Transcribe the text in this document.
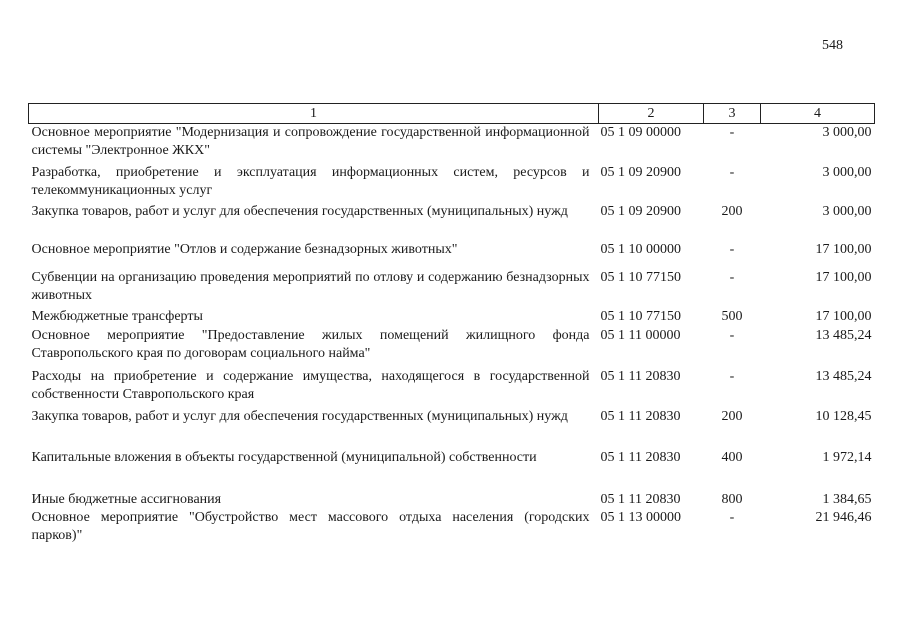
548
1	2	3	4
Основное мероприятие "Модернизация и сопровождение государственной информационной системы "Электронное ЖКХ"	05 1 09 00000	-	3 000,00
Разработка, приобретение и эксплуатация информационных систем, ресурсов и телекоммуникационных услуг	05 1 09 20900	-	3 000,00
Закупка товаров, работ и услуг для обеспечения государственных (муниципальных) нужд	05 1 09 20900	200	3 000,00
Основное мероприятие "Отлов и содержание безнадзорных животных"	05 1 10 00000	-	17 100,00
Субвенции на организацию проведения мероприятий по отлову и содержанию безнадзорных животных	05 1 10 77150	-	17 100,00
Межбюджетные трансферты	05 1 10 77150	500	17 100,00
Основное мероприятие "Предоставление жилых помещений жилищного фонда Ставропольского края по договорам социального найма"	05 1 11 00000	-	13 485,24
Расходы на приобретение и содержание имущества, находящегося в государственной собственности Ставропольского края	05 1 11 20830	-	13 485,24
Закупка товаров, работ и услуг для обеспечения государственных (муниципальных) нужд	05 1 11 20830	200	10 128,45
Капитальные вложения в объекты государственной (муниципальной) собственности	05 1 11 20830	400	1 972,14
Иные бюджетные ассигнования	05 1 11 20830	800	1 384,65
Основное мероприятие "Обустройство мест массового отдыха населения (городских парков)"	05 1 13 00000	-	21 946,46
